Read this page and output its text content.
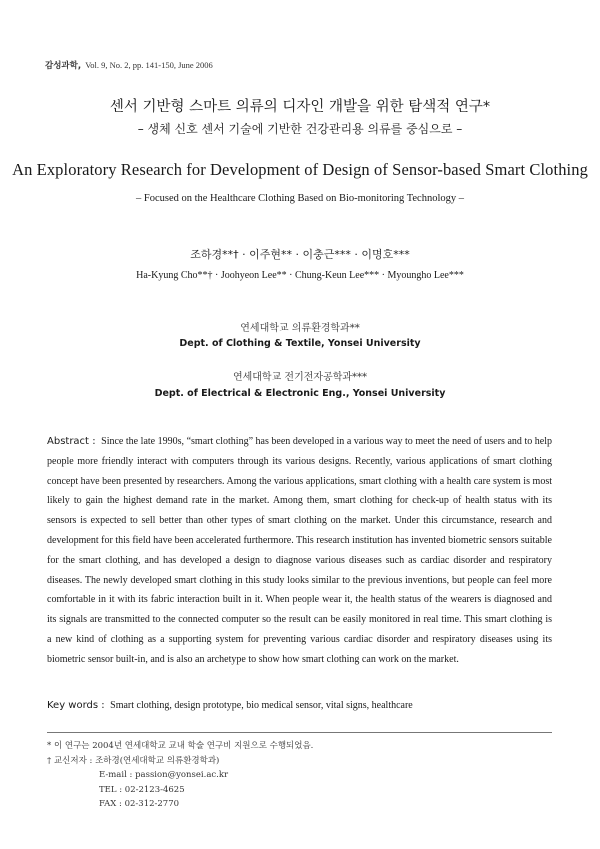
감성과학, Vol. 9, No. 2, pp. 141-150, June 2006
센서 기반형 스마트 의류의 디자인 개발을 위한 탐색적 연구*
– 생체 신호 센서 기술에 기반한 건강관리용 의류를 중심으로 –
An Exploratory Research for Development of Design of Sensor-based Smart Clothing
– Focused on the Healthcare Clothing Based on Bio-monitoring Technology –
조하경**† · 이주현** · 이충근*** · 이명호***
Ha-Kyung Cho**† · Joohyeon Lee** · Chung-Keun Lee*** · Myoungho Lee***
연세대학교 의류환경학과**
Dept. of Clothing & Textile, Yonsei University
연세대학교 전기전자공학과***
Dept. of Electrical & Electronic Eng., Yonsei University
Abstract : Since the late 1990s, “smart clothing” has been developed in a various way to meet the need of users and to help people more friendly interact with computers through its various designs. Recently, various applications of smart clothing concept have been presented by researchers. Among the various applications, smart clothing with a health care system is most likely to gain the highest demand rate in the market. Among them, smart clothing for check-up of health status with its sensors is expected to sell better than other types of smart clothing on the market. Under this circumstance, research and development for this field have been accelerated furthermore. This research institution has invented biometric sensors suitable for the smart clothing, and has developed a design to diagnose various diseases such as cardiac disorder and respiratory diseases. The newly developed smart clothing in this study looks similar to the previous inventions, but people can feel more comfortable in it with its fabric interaction built in it. When people wear it, the health status of the wearers is diagnosed and its signals are transmitted to the connected computer so the result can be easily monitored in real time. This smart clothing is a new kind of clothing as a supporting system for preventing various cardiac disorder and respiratory diseases using its biometric sensor built-in, and is also an archetype to show how smart clothing can work on the market.
Key words : Smart clothing, design prototype, bio medical sensor, vital signs, healthcare
* 이 연구는 2004년 연세대학교 교내 학술 연구비 지원으로 수행되었음.
† 교신저자 : 조하경(연세대학교 의류환경학과)
E-mail : passion@yonsei.ac.kr
TEL : 02-2123-4625
FAX : 02-312-2770
